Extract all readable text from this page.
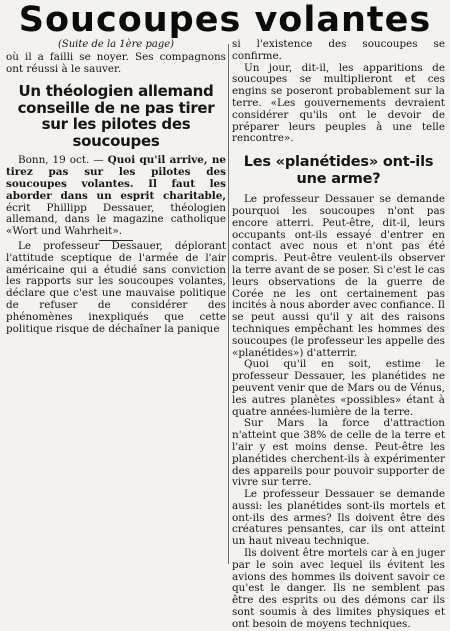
Soucoupes volantes
(Suite de la 1ère page)

où il a failli se noyer. Ses compagnons ont réussi à le sauver.

Un théologien allemand conseille de ne pas tirer sur les pilotes des soucoupes

Bonn, 19 oct. — Quoi qu'il arrive, ne tirez pas sur les pilotes des soucoupes volantes. Il faut les aborder dans un esprit charitable, écrit Phillipp Dessauer, théologien allemand, dans le magazine catholique «Wort und Wahrheit».

Le professeur Dessauer, déplorant l'attitude sceptique de l'armée de l'air américaine qui a étudié sans conviction les rapports sur les soucoupes volantes, déclare que c'est une mauvaise politique de refuser de considérer des phénomènes inexpliqués que cette politique risque de déchaîner la panique

si l'existence des soucoupes se confirme.

Un jour, dit-il, les apparitions de soucoupes se multiplieront et ces engins se poseront probablement sur la terre. «Les gouvernements devraient considérer qu'ils ont le devoir de préparer leurs peuples à une telle rencontre».

Les «planétides» ont-ils une arme?

Le professeur Dessauer se demande pourquoi les soucoupes n'ont pas encore atterri. Peut-être, dit-il, leurs occupants ont-ils essayé d'entrer en contact avec nous et n'ont pas été compris. Peut-être veulent-ils observer la terre avant de se poser. Si c'est le cas leurs observations de la guerre de Corée ne les ont certainement pas incités à nous aborder avec confiance. Il se peut aussi qu'il y ait des raisons techniques empêchant les hommes des soucoupes (le professeur les appelle des «planétides») d'atterrir.

Quoi qu'il en soit, estime le professeur Dessauer, les planétides ne peuvent venir que de Mars ou de Vénus, les autres planètes «possibles» étant à quatre années-lumière de la terre.

Sur Mars la force d'attraction n'atteint que 38% de celle de la terre et l'air y est moins dense. Peut-être les planétides cherchent-ils à expérimenter des appareils pour pouvoir supporter de vivre sur terre.

Le professeur Dessauer se demande aussi: les planétides sont-ils mortels et ont-ils des armes? Ils doivent être des créatures pensantes, car ils ont atteint un haut niveau technique.

Ils doivent être mortels car à en juger par le soin avec lequel ils évitent les avions des hommes ils doivent savoir ce qu'est le danger. Ils ne semblent pas être des esprits ou des démons car ils sont soumis à des limites physiques et ont besoin de moyens techniques.
